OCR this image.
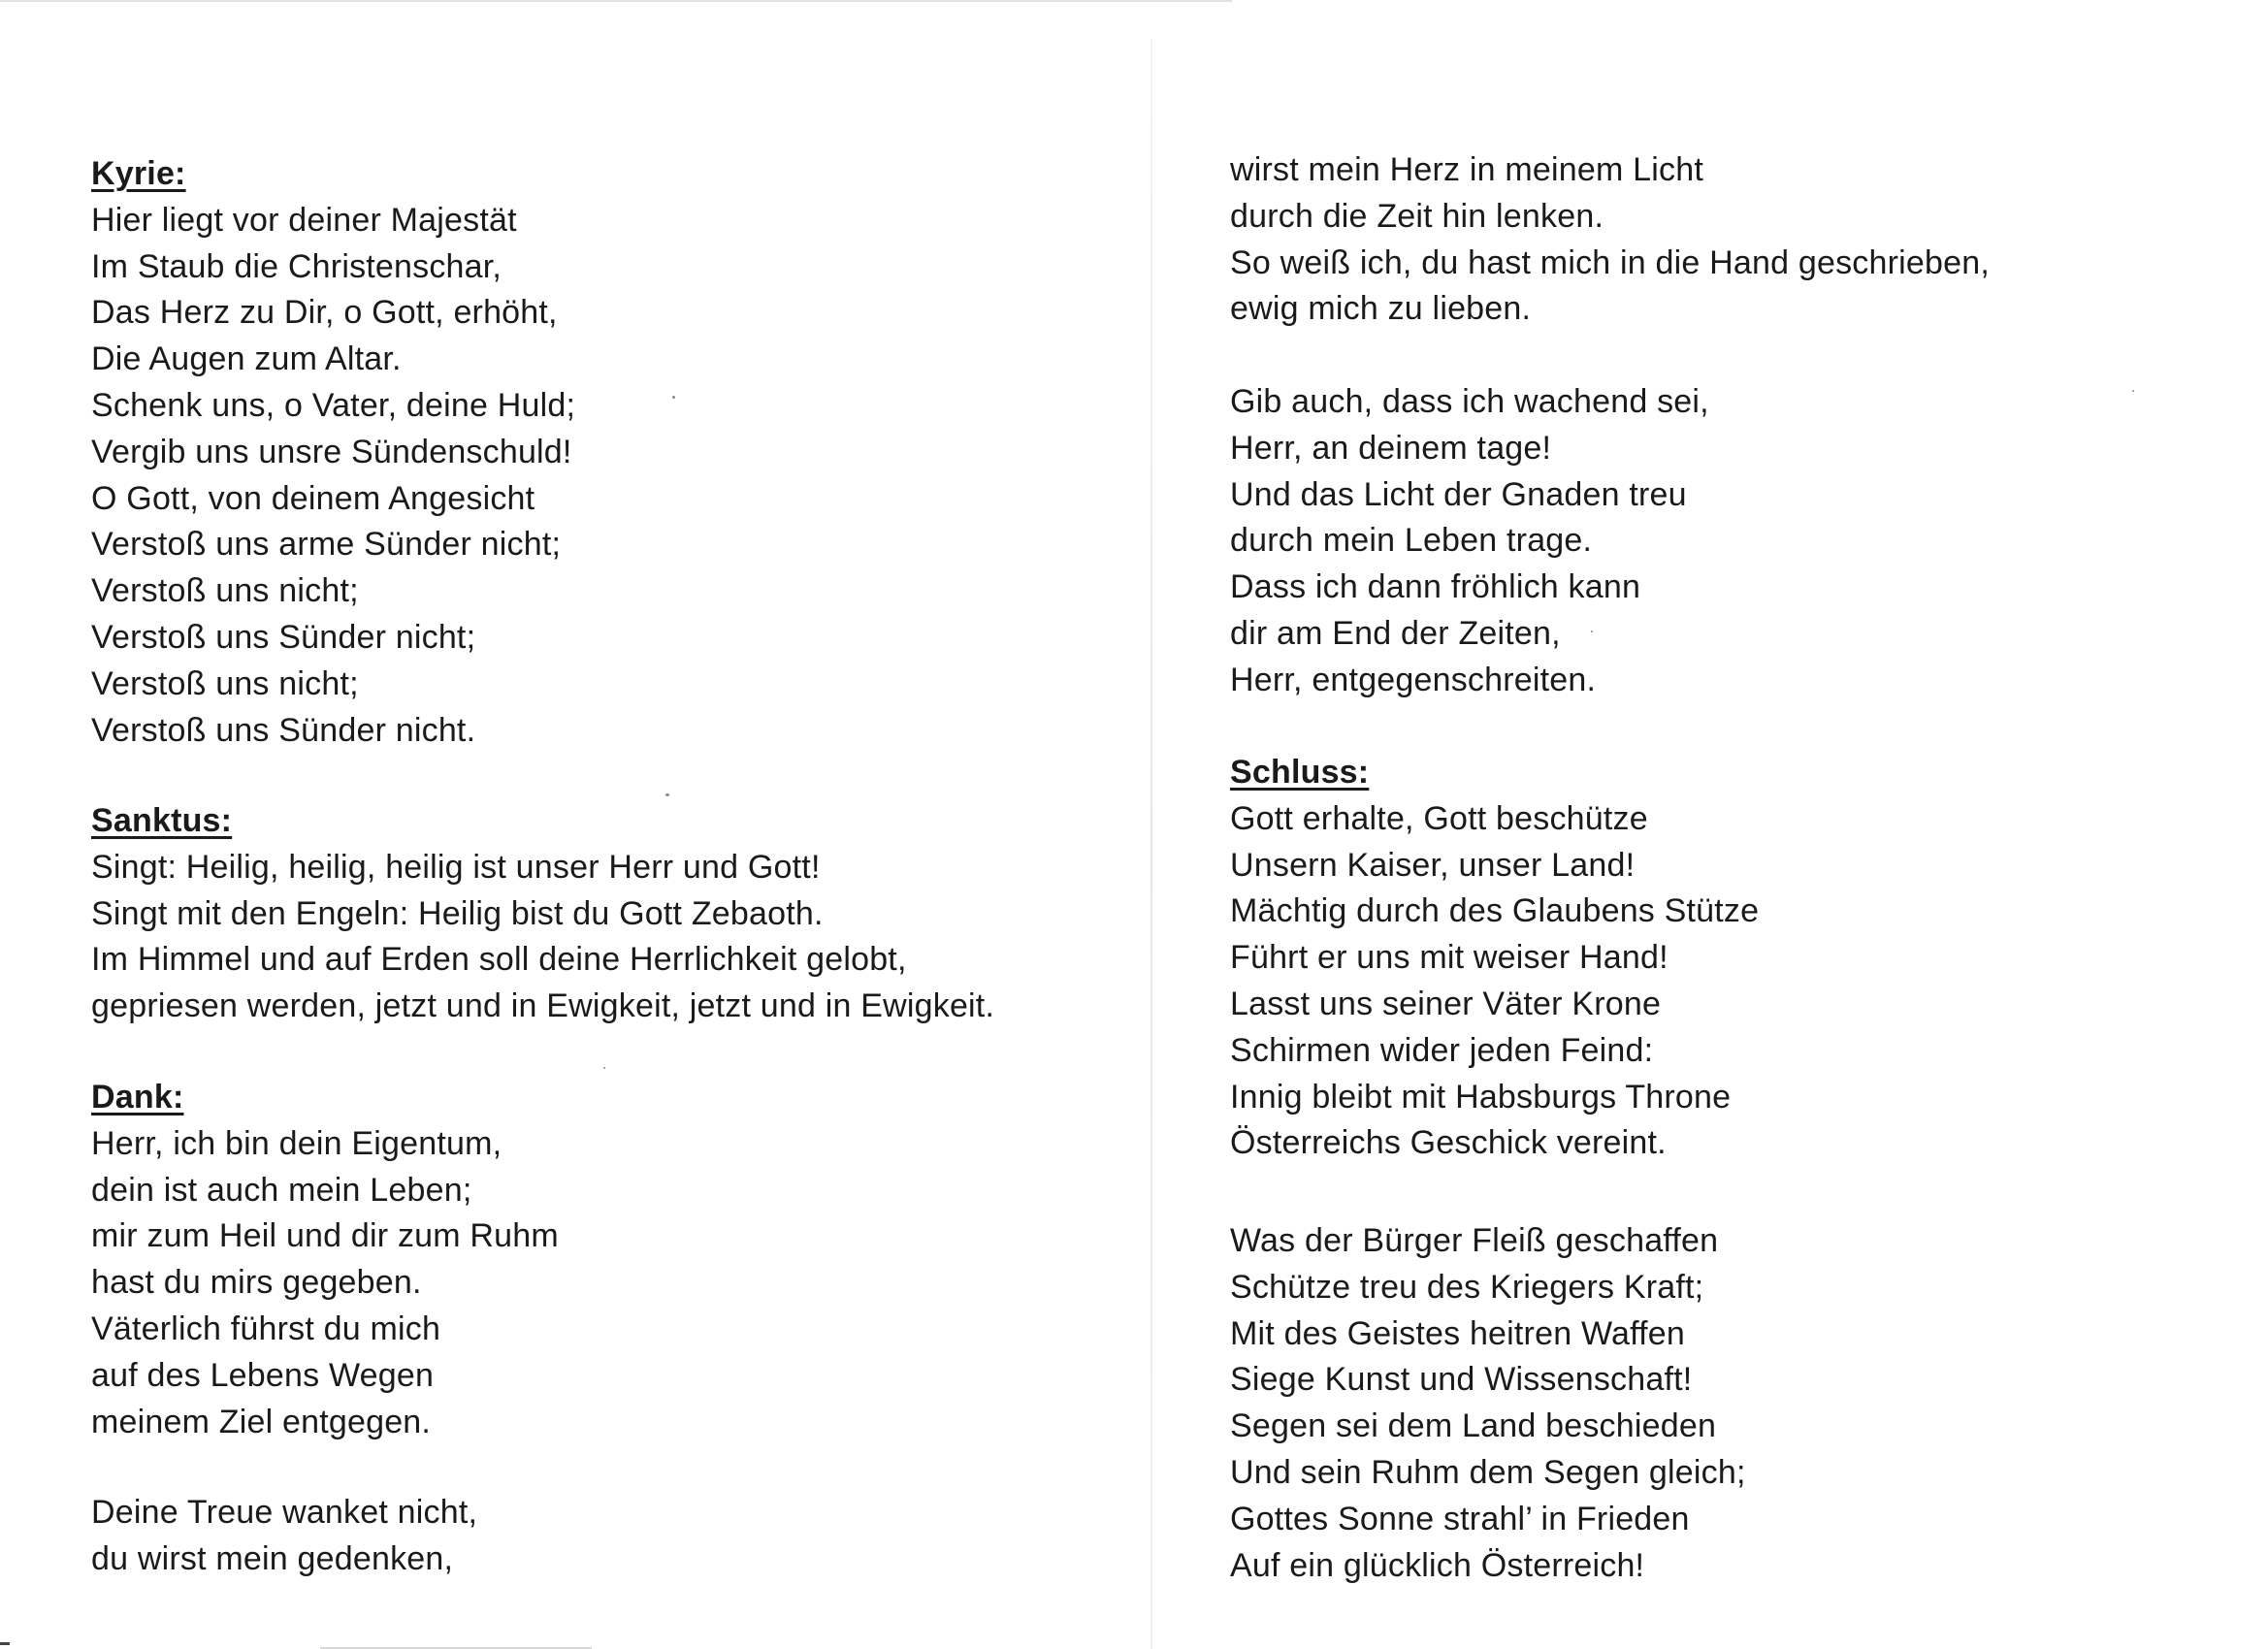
Kyrie:
Hier liegt vor deiner Majestät
Im Staub die Christenschar,
Das Herz zu Dir, o Gott, erhöht,
Die Augen zum Altar.
Schenk uns, o Vater, deine Huld;
Vergib uns unsre Sündenschuld!
O Gott, von deinem Angesicht
Verstoß uns arme Sünder nicht;
Verstoß uns nicht;
Verstoß uns Sünder nicht;
Verstoß uns nicht;
Verstoß uns Sünder nicht.
Sanktus:
Singt: Heilig, heilig, heilig ist unser Herr und Gott!
Singt mit den Engeln: Heilig bist du Gott Zebaoth.
Im Himmel und auf Erden soll deine Herrlichkeit gelobt,
gepriesen werden, jetzt und in Ewigkeit, jetzt und in Ewigkeit.
Dank:
Herr, ich bin dein Eigentum,
dein ist auch mein Leben;
mir zum Heil und dir zum Ruhm
hast du mirs gegeben.
Väterlich führst du mich
auf des Lebens Wegen
meinem Ziel entgegen.
Deine Treue wanket nicht,
du wirst mein gedenken,
wirst mein Herz in meinem Licht
durch die Zeit hin lenken.
So weiß ich, du hast mich in die Hand geschrieben,
ewig mich zu lieben.
Gib auch, dass ich wachend sei,
Herr, an deinem tage!
Und das Licht der Gnaden treu
durch mein Leben trage.
Dass ich dann fröhlich kann
dir am End der Zeiten,
Herr, entgegenschreiten.
Schluss:
Gott erhalte, Gott beschütze
Unsern Kaiser, unser Land!
Mächtig durch des Glaubens Stütze
Führt er uns mit weiser Hand!
Lasst uns seiner Väter Krone
Schirmen wider jeden Feind:
Innig bleibt mit Habsburgs Throne
Österreichs Geschick vereint.
Was der Bürger Fleiß geschaffen
Schütze treu des Kriegers Kraft;
Mit des Geistes heitren Waffen
Siege Kunst und Wissenschaft!
Segen sei dem Land beschieden
Und sein Ruhm dem Segen gleich;
Gottes Sonne strahl’ in Frieden
Auf ein glücklich Österreich!
